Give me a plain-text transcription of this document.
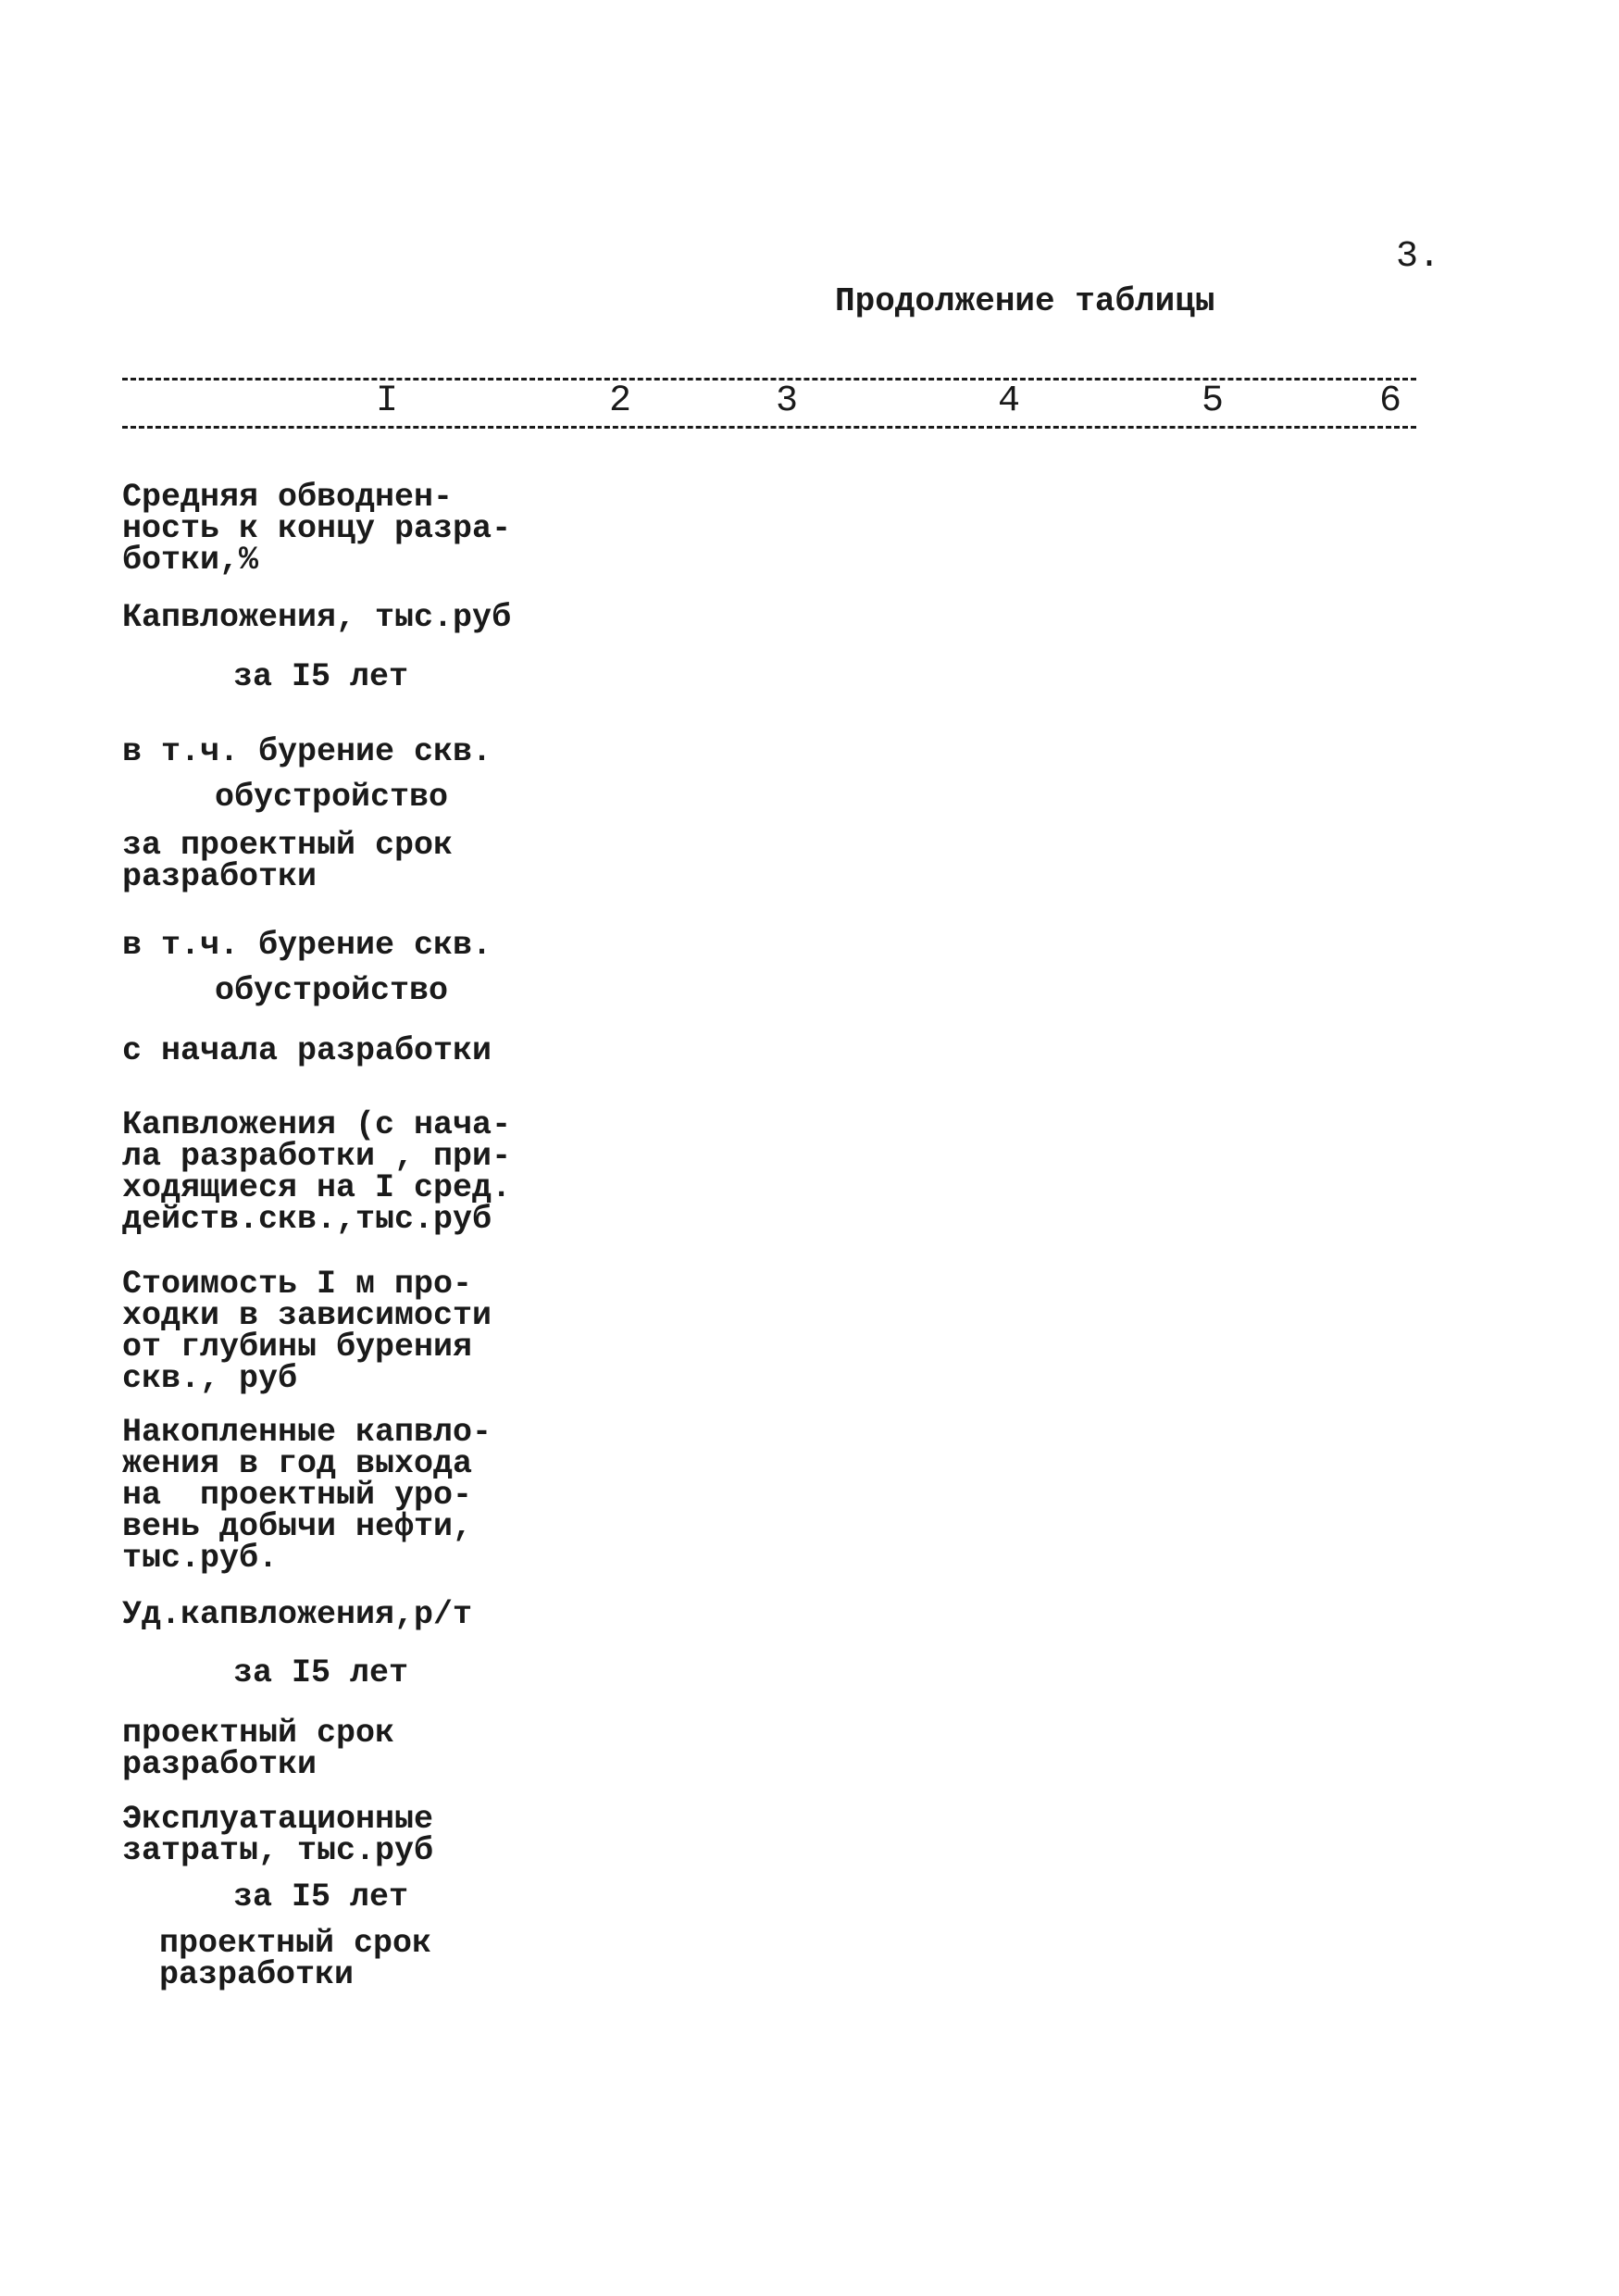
3.
Продолжение таблицы
I	2	3	4	5	6
Средняя обводнен-
ность к концу разра-
ботки,%
Капвложения, тыс.руб
за I5 лет
в т.ч. бурение скв.
обустройство
за проектный срок
разработки
в т.ч. бурение скв.
обустройство
с начала разработки
Капвложения (с нача-
ла разработки , при-
ходящиеся на I сред.
действ.скв.,тыс.руб
Стоимость I м про-
ходки в зависимости
от глубины бурения
скв., руб
Накопленные капвло-
жения в год выхода
на  проектный уро-
вень добычи нефти,
тыс.руб.
Уд.капвложения,р/т
за I5 лет
проектный срок
разработки
Эксплуатационные
затраты, тыс.руб
за I5 лет
проектный срок
разработки
